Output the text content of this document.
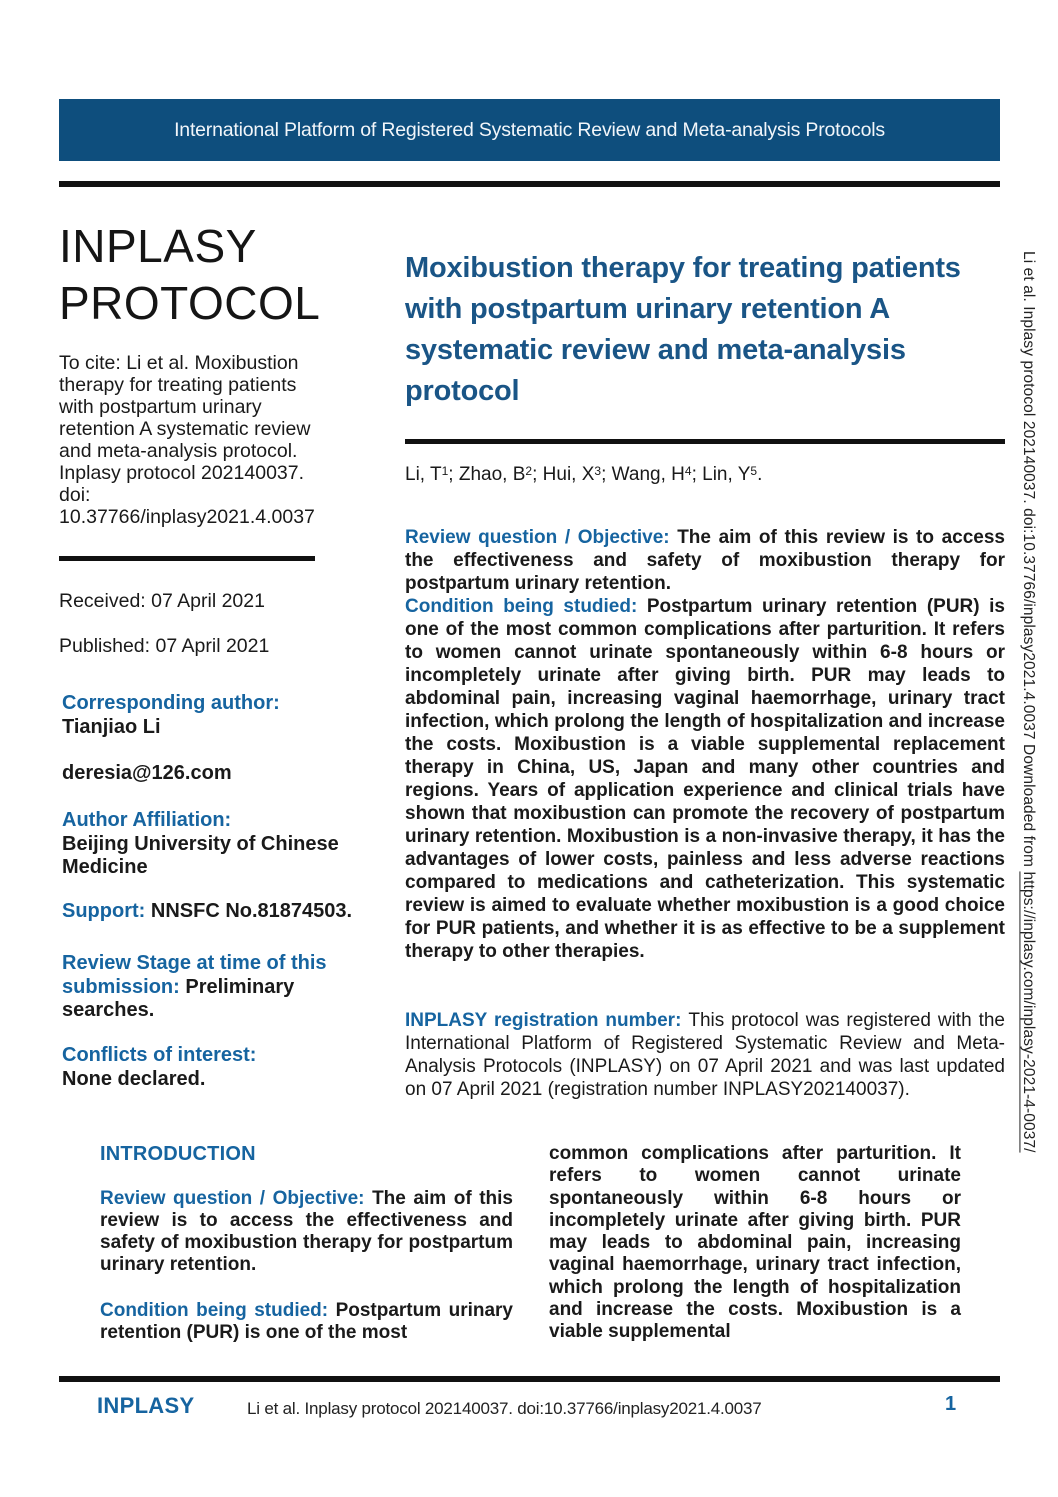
International Platform of Registered Systematic Review and Meta-analysis Protocols
INPLASY
PROTOCOL

To cite: Li et al. Moxibustion therapy for treating patients with postpartum urinary retention A systematic review and meta-analysis protocol. Inplasy protocol 202140037. doi: 10.37766/inplasy2021.4.0037

Received: 07 April 2021

Published: 07 April 2021

Corresponding author:
Tianjiao Li
deresia@126.com
Author Affiliation:
Beijing University of Chinese Medicine
Support: NNSFC No.81874503.
Review Stage at time of this submission: Preliminary searches.
Conflicts of interest:
None declared.
Moxibustion therapy for treating patients with postpartum urinary retention A systematic review and meta-analysis protocol

Li, $T^1$; Zhao, $B^2$; Hui, $X^3$; Wang, $H^4$; Lin, $Y^5$.

Review question / Objective: The aim of this review is to access the effectiveness and safety of moxibustion therapy for postpartum urinary retention.

Condition being studied: Postpartum urinary retention (PUR) is one of the most common complications after parturition. It refers to women cannot urinate spontaneously within 6-8 hours or incompletely urinate after giving birth. PUR may leads to abdominal pain, increasing vaginal haemorrhage, urinary tract infection, which prolong the length of hospitalization and increase the costs. Moxibustion is a viable supplemental replacement therapy in China, US, Japan and many other countries and regions. Years of application experience and clinical trials have shown that moxibustion can promote the recovery of postpartum urinary retention. Moxibustion is a non-invasive therapy, it has the advantages of lower costs, painless and less adverse reactions compared to medications and catheterization. This systematic review is aimed to evaluate whether moxibustion is a good choice for PUR patients, and whether it is as effective to be a supplement therapy to other therapies.

INPLASY registration number: This protocol was registered with the International Platform of Registered Systematic Review and Meta-Analysis Protocols (INPLASY) on 07 April 2021 and was last updated on 07 April 2021 (registration number INPLASY202140037).

INTRODUCTION

Review question / Objective: The aim of this review is to access the effectiveness and safety of moxibustion therapy for postpartum urinary retention.

Condition being studied: Postpartum urinary retention (PUR) is one of the most

common complications after parturition. It refers to women cannot urinate spontaneously within 6-8 hours or incompletely urinate after giving birth. PUR may leads to abdominal pain, increasing vaginal haemorrhage, urinary tract infection, which prolong the length of hospitalization and increase the costs. Moxibustion is a viable supplemental

INPLASY	Li et al. Inplasy protocol 202140037. doi:10.37766/inplasy2021.4.0037	1
Li et al. Inplasy protocol 202140037. doi:10.37766/inplasy2021.4.0037 Downloaded from https://inplasy.com/inplasy-2021-4-0037/
